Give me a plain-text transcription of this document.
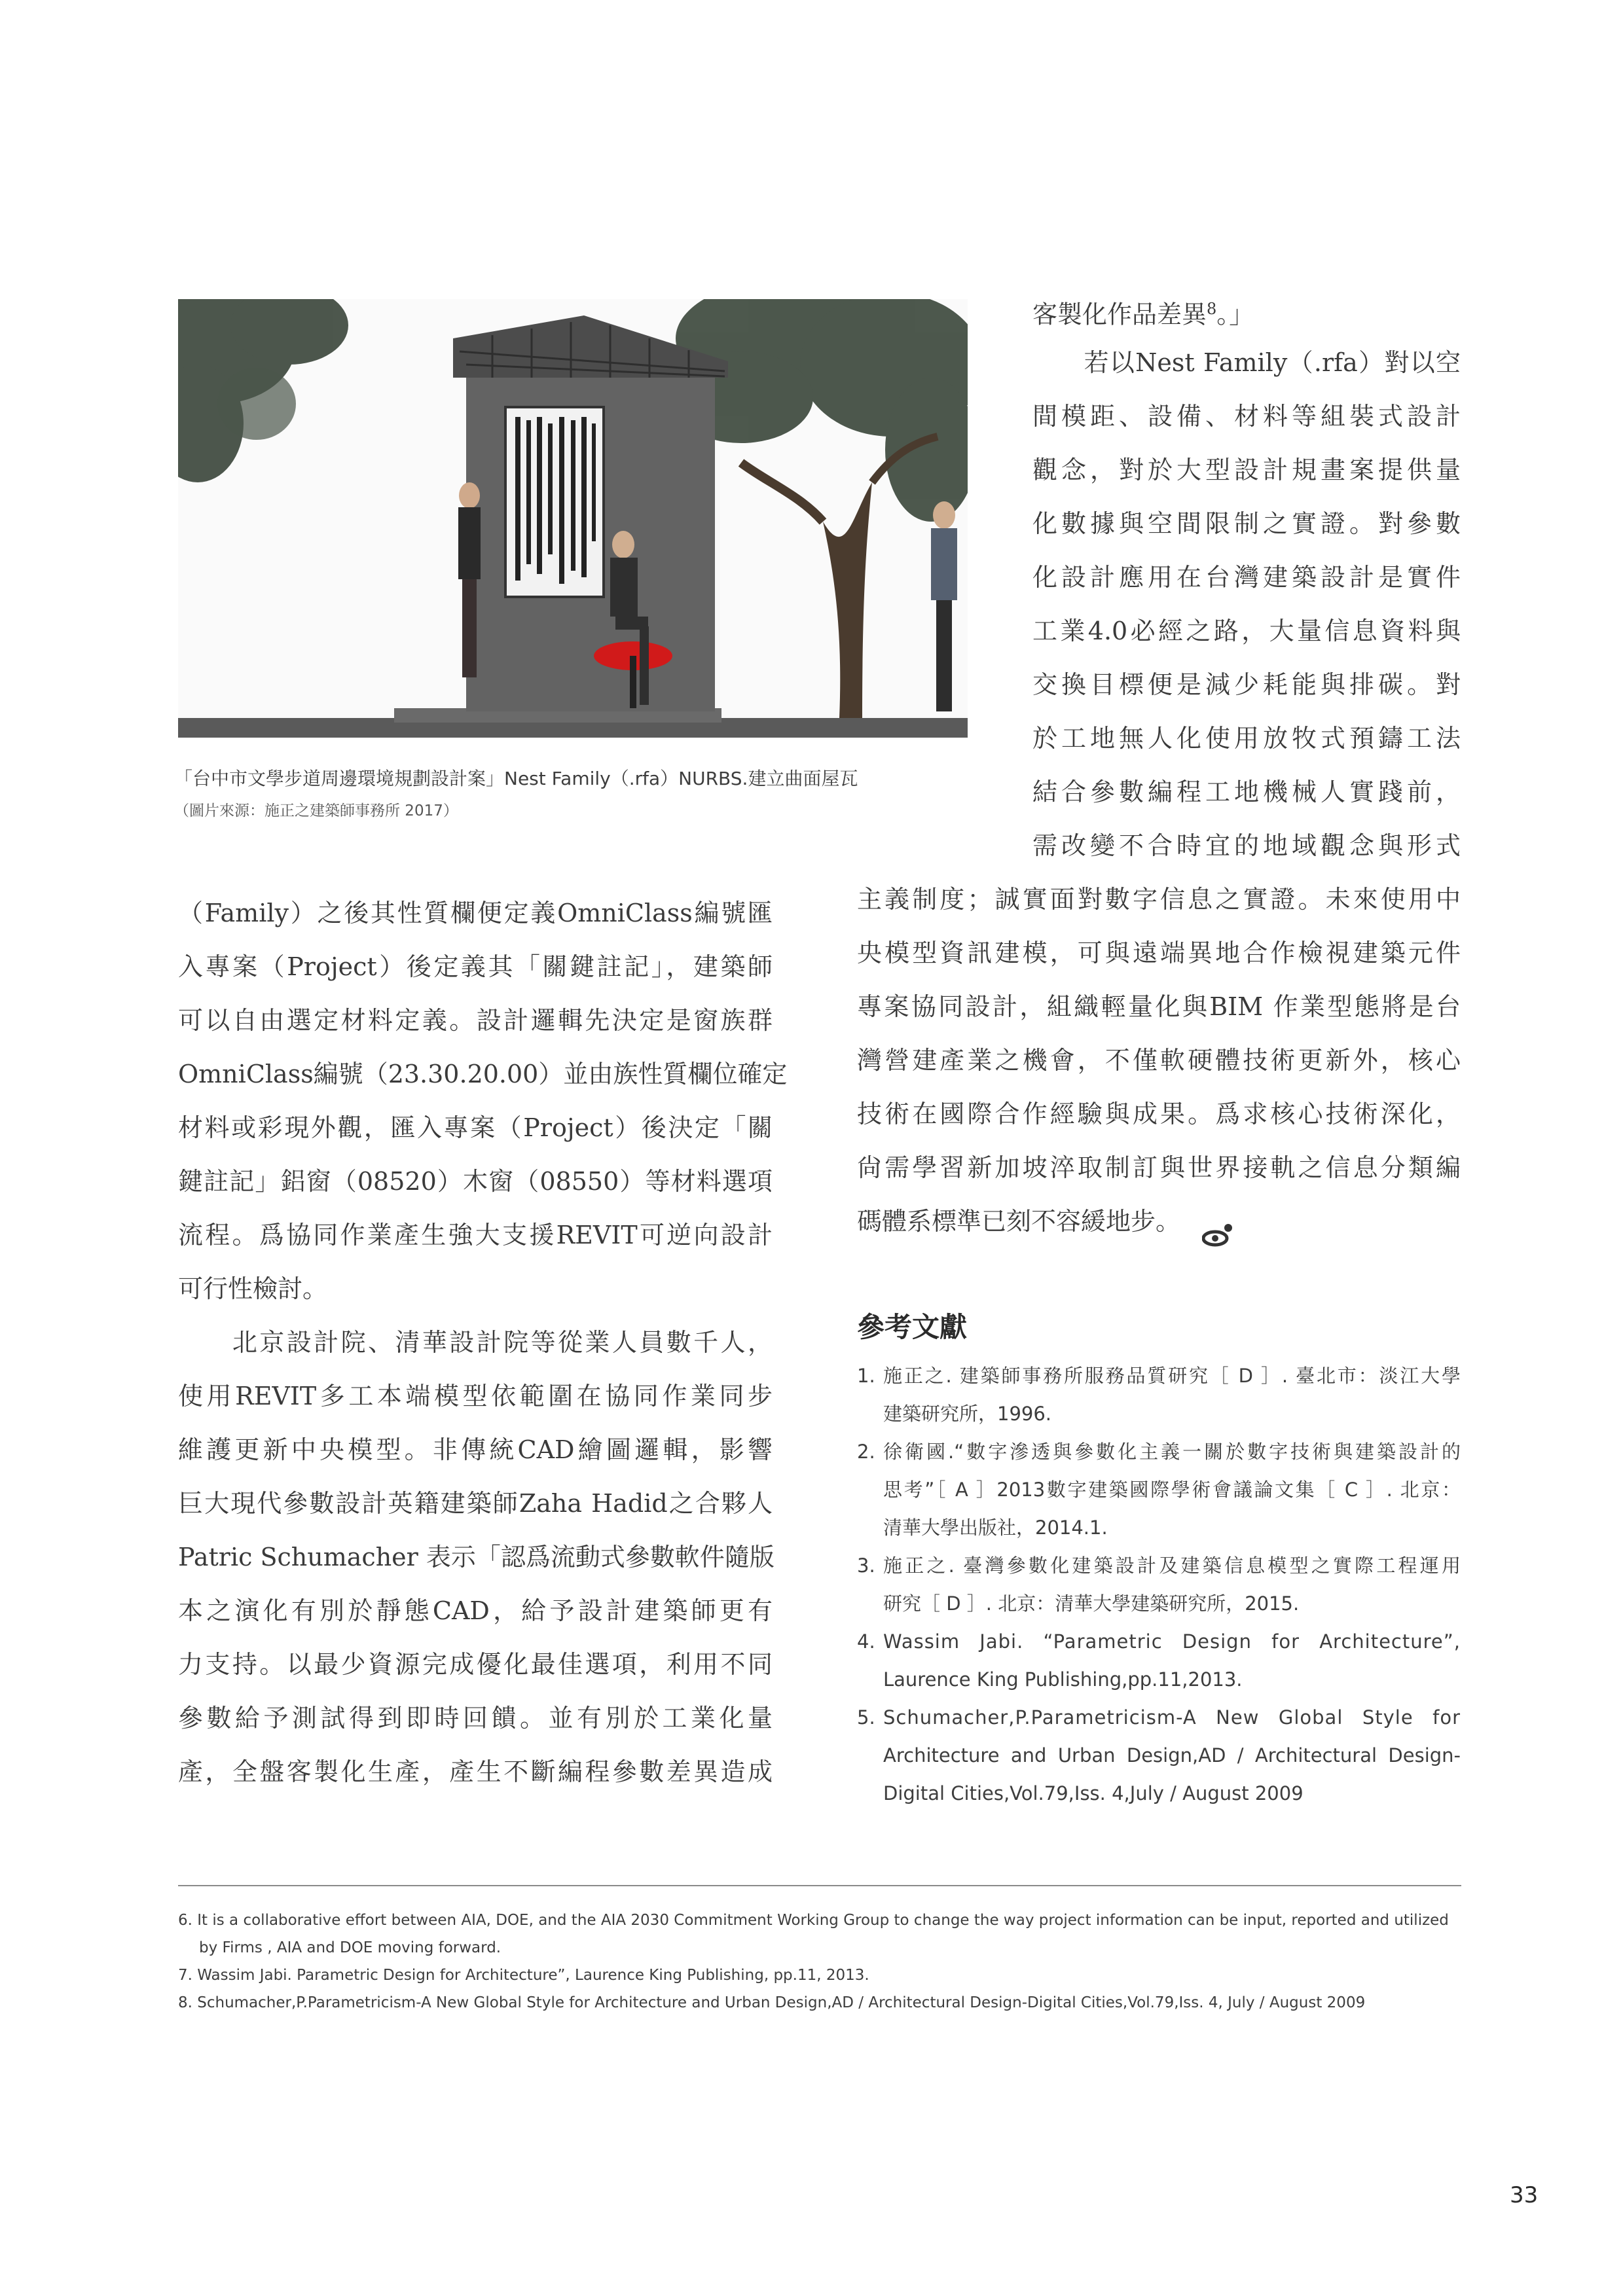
「台中市文學步道周邊環境規劃設計案」Nest Family（.rfa）NURBS.建立曲面屋瓦
（圖片來源：施正之建築師事務所 2017）
（Family）之後其性質欄便定義OmniClass編號匯
入專案（Project）後定義其「關鍵註記」，建築師
可以自由選定材料定義。設計邏輯先決定是窗族群
OmniClass編號（23.30.20.00）並由族性質欄位確定
材料或彩現外觀，匯入專案（Project）後決定「關
鍵註記」鋁窗（08520）木窗（08550）等材料選項
流程。爲協同作業產生強大支援REVIT可逆向設計
可行性檢討。
　　北京設計院、清華設計院等從業人員數千人，
使用REVIT多工本端模型依範圍在協同作業同步
維護更新中央模型。非傳統CAD繪圖邏輯，影響
巨大現代參數設計英籍建築師Zaha Hadid之合夥人
Patric Schumacher 表示「認爲流動式參數軟件隨版
本之演化有別於靜態CAD，給予設計建築師更有
力支持。以最少資源完成優化最佳選項，利用不同
參數給予測試得到即時回饋。並有別於工業化量
產，全盤客製化生產，產生不斷編程參數差異造成
客製化作品差異$^8$。」
　　若以Nest Family（.rfa）對以空
間模距、設備、材料等組裝式設計
觀念，對於大型設計規畫案提供量
化數據與空間限制之實證。對參數
化設計應用在台灣建築設計是實件
工業4.0必經之路，大量信息資料與
交換目標便是減少耗能與排碳。對
於工地無人化使用放牧式預鑄工法
結合參數編程工地機械人實踐前，
需改變不合時宜的地域觀念與形式
主義制度；誠實面對數字信息之實證。未來使用中
央模型資訊建模，可與遠端異地合作檢視建築元件
專案協同設計，組織輕量化與BIM 作業型態將是台
灣營建產業之機會，不僅軟硬體技術更新外，核心
技術在國際合作經驗與成果。爲求核心技術深化，
尙需學習新加坡淬取制訂與世界接軌之信息分類編
碼體系標準已刻不容緩地步。
參考文獻
1. 施正之. 建築師事務所服務品質研究［ D ］. 臺北市：淡江大學
建築研究所，1996.
2. 徐衛國.“數字滲透與參數化主義一關於數字技術與建築設計的
思考”［ A ］2013數字建築國際學術會議論文集［ C ］. 北京：
清華大學出版社，2014.1.
3. 施正之. 臺灣參數化建築設計及建築信息模型之實際工程運用
研究［ D ］. 北京：清華大學建築研究所，2015.
4. Wassim Jabi. “Parametric Design for Architecture”,
Laurence King Publishing,pp.11,2013.
5. Schumacher,P.Parametricism-A New Global Style for
Architecture and Urban Design,AD / Architectural Design-
Digital Cities,Vol.79,Iss. 4,July / August 2009
6. It is a collaborative effort between AIA, DOE, and the AIA 2030 Commitment Working Group to change the way project information can be input, reported and utilized
by Firms , AIA and DOE moving forward.
7. Wassim Jabi. Parametric Design for Architecture”, Laurence King Publishing, pp.11, 2013.
8. Schumacher,P.Parametricism-A New Global Style for Architecture and Urban Design,AD / Architectural Design-Digital Cities,Vol.79,Iss. 4, July / August 2009
33
